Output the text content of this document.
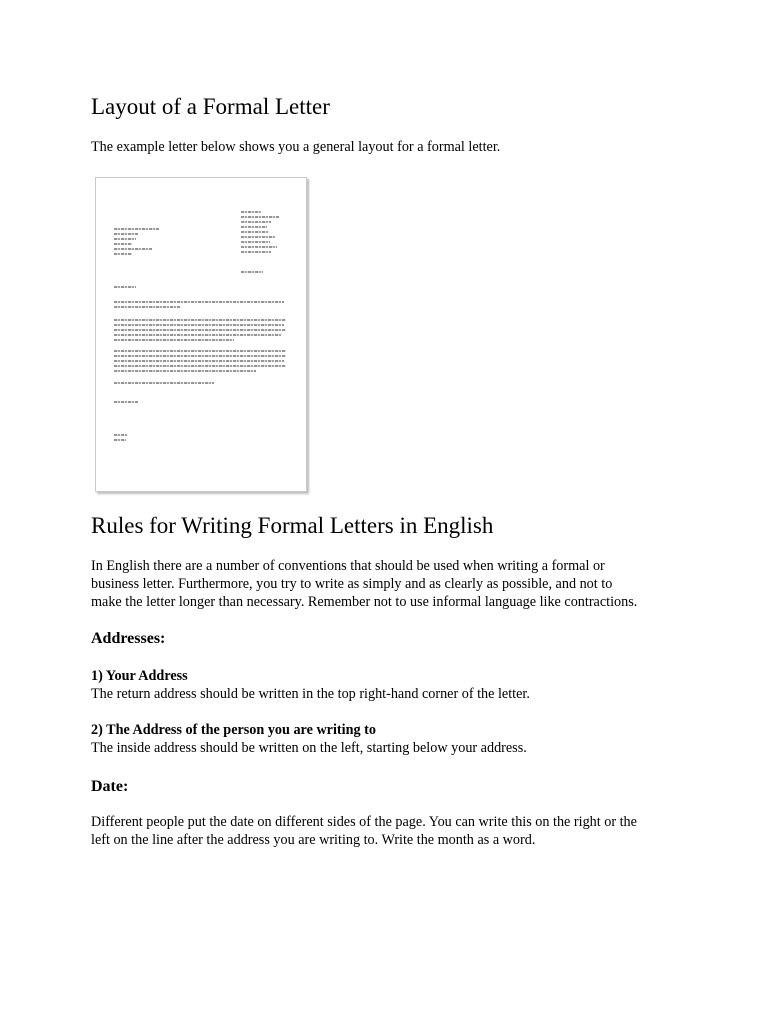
Layout of a Formal Letter

The example letter below shows you a general layout for a formal letter.

Rules for Writing Formal Letters in English

In English there are a number of conventions that should be used when writing a formal or

business letter. Furthermore, you try to write as simply and as clearly as possible, and not to

make the letter longer than necessary. Remember not to use informal language like contractions.

Addresses:
1) Your Address
The return address should be written in the top right-hand corner of the letter.
2) The Address of the person you are writing to
The inside address should be written on the left, starting below your address.
Date:

Different people put the date on different sides of the page. You can write this on the right or the

left on the line after the address you are writing to. Write the month as a word.
